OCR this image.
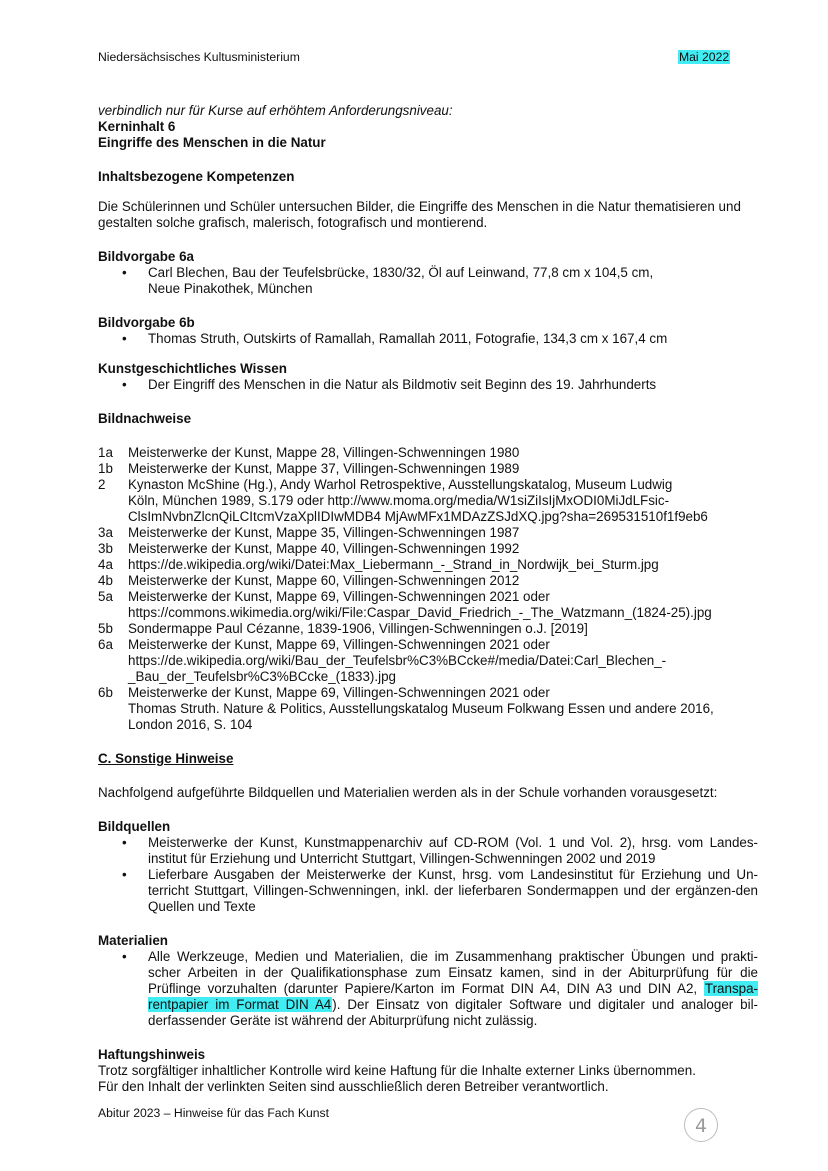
Niedersächsisches Kultusministerium	Mai 2022
verbindlich nur für Kurse auf erhöhtem Anforderungsniveau:
Kerninhalt 6
Eingriffe des Menschen in die Natur
Inhaltsbezogene Kompetenzen
Die Schülerinnen und Schüler untersuchen Bilder, die Eingriffe des Menschen in die Natur thematisieren und gestalten solche grafisch, malerisch, fotografisch und montierend.
Bildvorgabe 6a
• Carl Blechen, Bau der Teufelsbrücke, 1830/32, Öl auf Leinwand, 77,8 cm x 104,5 cm, Neue Pinakothek, München
Bildvorgabe 6b
• Thomas Struth, Outskirts of Ramallah, Ramallah 2011, Fotografie, 134,3 cm x 167,4 cm
Kunstgeschichtliches Wissen
• Der Eingriff des Menschen in die Natur als Bildmotiv seit Beginn des 19. Jahrhunderts
Bildnachweise
1a	Meisterwerke der Kunst, Mappe 28, Villingen-Schwenningen 1980
1b	Meisterwerke der Kunst, Mappe 37, Villingen-Schwenningen 1989
2	Kynaston McShine (Hg.), Andy Warhol Retrospektive, Ausstellungskatalog, Museum Ludwig
Köln, München 1989, S.179 oder http://www.moma.org/media/W1siZiIsIjMxODI0MiJdLFsic-
ClsImNvbnZlcnQiLCItcmVzaXplIDIwMDB4 MjAwMFx1MDAzZSJdXQ.jpg?sha=269531510f1f9eb6
3a	Meisterwerke der Kunst, Mappe 35, Villingen-Schwenningen 1987
3b	Meisterwerke der Kunst, Mappe 40, Villingen-Schwenningen 1992
4a	https://de.wikipedia.org/wiki/Datei:Max_Liebermann_-_Strand_in_Nordwijk_bei_Sturm.jpg
4b	Meisterwerke der Kunst, Mappe 60, Villingen-Schwenningen 2012
5a	Meisterwerke der Kunst, Mappe 69, Villingen-Schwenningen 2021 oder
https://commons.wikimedia.org/wiki/File:Caspar_David_Friedrich_-_The_Watzmann_(1824-25).jpg
5b	Sondermappe Paul Cézanne, 1839-1906, Villingen-Schwenningen o.J. [2019]
6a	Meisterwerke der Kunst, Mappe 69, Villingen-Schwenningen 2021 oder
https://de.wikipedia.org/wiki/Bau_der_Teufelsbr%C3%BCcke#/media/Datei:Carl_Blechen_-
_Bau_der_Teufelsbr%C3%BCcke_(1833).jpg
6b	Meisterwerke der Kunst, Mappe 69, Villingen-Schwenningen 2021 oder
Thomas Struth. Nature & Politics, Ausstellungskatalog Museum Folkwang Essen und andere 2016,
London 2016, S. 104
C. Sonstige Hinweise
Nachfolgend aufgeführte Bildquellen und Materialien werden als in der Schule vorhanden vorausgesetzt:
Bildquellen
• Meisterwerke der Kunst, Kunstmappenarchiv auf CD-ROM (Vol. 1 und Vol. 2), hrsg. vom Landes-institut für Erziehung und Unterricht Stuttgart, Villingen-Schwenningen 2002 und 2019
• Lieferbare Ausgaben der Meisterwerke der Kunst, hrsg. vom Landesinstitut für Erziehung und Un-terricht Stuttgart, Villingen-Schwenningen, inkl. der lieferbaren Sondermappen und der ergänzen-den Quellen und Texte
Materialien
• Alle Werkzeuge, Medien und Materialien, die im Zusammenhang praktischer Übungen und prakti-scher Arbeiten in der Qualifikationsphase zum Einsatz kamen, sind in der Abiturprüfung für die Prüflinge vorzuhalten (darunter Papiere/Karton im Format DIN A4, DIN A3 und DIN A2, Transpa-rentpapier im Format DIN A4). Der Einsatz von digitaler Software und digitaler und analoger bil-derfassender Geräte ist während der Abiturprüfung nicht zulässig.
Haftungshinweis
Trotz sorgfältiger inhaltlicher Kontrolle wird keine Haftung für die Inhalte externer Links übernommen.
Für den Inhalt der verlinkten Seiten sind ausschließlich deren Betreiber verantwortlich.
Abitur 2023 – Hinweise für das Fach Kunst
4
